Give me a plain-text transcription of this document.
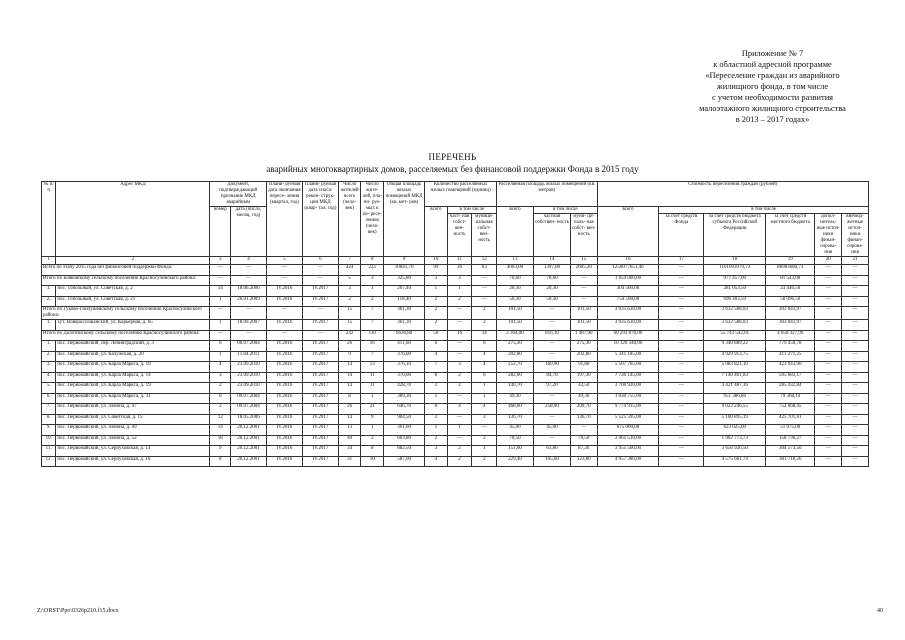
Приложение № 7
к областной адресной программе
«Переселение граждан из аварийного
жилищного фонда, в том числе
с учетом необходимости развития
малоэтажного жилищного строительства
в 2013 – 2017 годах»
ПЕРЕЧЕНЬ
аварийных многоквартирных домов, расселяемых без финансовой поддержки Фонда в 2015 году
№ п/п	Адрес МКД	Документ, подтверждающий признание МКД аварийным		Плани- руемая дата окончания пересе- ления (квартал, год)	Плани- руемая дата сноса/ рекон- струк- ции МКД (квар- тал, год)	Число жителей всего (чело- век)	Число жите- лей, пла- ни- руе- мых к пе- ресе- лению (чело- век)	Общая площадь жилых помещений МКД (кв. мет- ров)	Количество расселяемых жилых помещений (единиц)			Расселяемая площадь жилых помещений (кв. метров)			Стоимость переселения граждан (рублей)					
		номер	дата (число, месяц, год)						всего	в том числе		всего	в том числе		всего	в том числе				
										част- ная собст- вен- ность	муници- пальная собст- вен- ность		частная собствен- ность	муни- ци- паль- ная собст- вен- ность		за счет средств Фонда	за счет средств бюджета субъекта Российской Федерации	за счет средств местного бюджета	допол- нитель- ные источ- ники финан- сирова- ния	внебюд- жетные источ- ники финан- сирова- ния
1	2	3	4	5	6	7	8	9	10	11	12	13	14	15	16	17	18	19	20	21
Всего по этапу 2015 года без финансовой поддержки Фонда:		—	—	—	—	424	225	10841,70	99	36	63	4003,00	1397,80	2605,20	1250077651,46	—	1161093970,73	88983680,73	—	—
Итого по Бояковскому сельскому поселению Красносулинского района:		—	—	—	—	5	3	325,80	3	3	—	70,60	70,60	—	1 059 000,00	—	977 457,00	81 543,00	—	—
1.	пос. Топольный, ул. Советская, д. 2	14	18.06.2006	IV.2016	IV.2017	3	1	207,40	1	1	—	20,30	20,30	—	304 500,00	—	281 053,50	23 446,50	—	—
2.	пос. Топольный, ул. Советская, д. 21	1	26.01.2009	IV.2016	IV.2017	2	2	118,40	2	2	—	50,30	50,30	—	754 500,00	—	696 403,50	58 096,50	—	—
Итого по Гуково-Гнилушевскому сельскому поселению Красносулинского района:		—	—	—	—	15	7	361,30	2	—	2	101,50	—	101,50	3 935 630,00	—	3 632 588,03	303 041,97	—	—
1.	хут. Новороссошанский, ул. Карьерная, д. 65	1	18.09.2007	IV.2016	IV.2017	15	7	361,30	2	—	2	101,50	—	101,50	3 935 630,00	—	3 632 588,03	303 041,97	—	—
Итого по Долотинскому сельскому поселению Красносулинского района:		—	—	—	—	242	110	6636,80	50	16	34	2 304,00	816,10	1 487,90	60 293 870,00	—	55 743 542,01	4 650 327,99	—	—
1.	пос. Первомайский, пер. Ленинградский, д. 3	6	06.07.2004	IV.2016	IV.2017	26	16	411,60	6	—	6	275,30	—	275,30	10 120 340,00	—	9 340 889,22	779 450,78	—	—
2.	пос. Первомайский, ул. Калужская, д. 20	1	11.04.2011	IV.2016	IV.2017	9	7	376,00	4	—	4	202,80	—	202,80	5 341 185,00	—	4 929 913,75	411 271,25	—	—
3.	пос. Первомайский, ул. Карла Маркса, д. 10	4	23.09.2010	IV.2016	IV.2017	14	13	376,10	7	3	4	252,70	160,90	91,80	5 507 765,00	—	5 083 821,10	423 943,90	—	—
4.	пос. Первомайский, ул. Карла Маркса, д. 14	3	23.09.2010	IV.2016	IV.2017	14	11	370,00	8	2	6	282,00	84,70	197,30	7 736 145,00	—	7 140 461,83	595 683,17	—	—
5.	пос. Первомайский, ул. Карла Маркса, д. 19	2	23.09.2010	IV.2016	IV.2017	14	11	428,70	3	2	1	140,70	97,20	43,50	3 706 920,00	—	3 421 487,16	285 432,84	—	—
6.	пос. Первомайский, ул. Карла Маркса, д. 31	6	09.07.2004	IV.2016	IV.2017	8	1	389,30	1	—	1	49,30	—	49,30	1 030 755,00	—	951 386,86	79 368,14	—	—
7.	пос. Первомайский, ул. Ленина, д. 47	2	09.07.2004	IV.2016	IV.2017	26	21	646,70	8	4	4	468,60	258,90	209,70	9 774 915,00	—	9 022 246,55	752 668,45	—	—
8.	пос. Первомайский, ул. Советская, д. 15	12	18.05.2006	IV.2016	IV.2017	14	9	904,50	3	—	3	136,70	—	136,70	5 525 595,00	—	5 100 895,19	425 701,81	—	—
9.	пос. Первомайский, ул. Ленина, д. 49	14	20.12.2001	IV.2016	IV.2017	13	1	361,60	1	1	—	45,00	45,00	—	675 000,00	—	623 025,00	51 975,00	—	—
10.	пос. Первомайский, ул. Ленина, д. 52	18	20.12.2001	IV.2016	IV.2017	40	2	603,80	2	—	2	70,50	—	70,50	2 061 510,00	—	1 902 773,73	158 736,27	—	—
11.	пос. Первомайский, ул. Серпуховская, д. 14	9	20.12.2001	IV.2016	IV.2017	34	8	882,50	3	2	1	151,00	63,80	87,20	3 955 500,00	—	3 650 926,50	304 573,50	—	—
12.	пос. Первомайский, ул. Серпуховская, д. 16	8	20.12.2001	IV.2016	IV.2017	31	10	587,00	4	2	2	229,40	105,60	123,80	4 957 380,00	—	4 575 661,74	381 718,26	—	—
Z:\ORST\Ppo\0326p210.f15.docx	40
